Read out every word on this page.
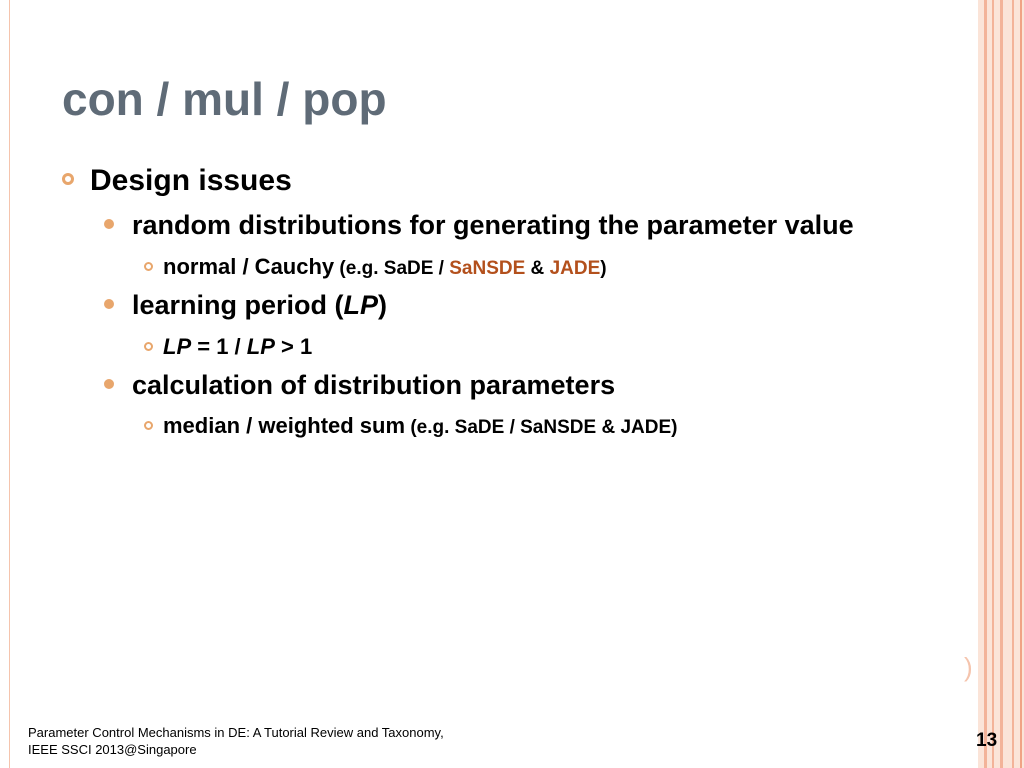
)
con / mul / pop
Design issues
random distributions for generating the parameter value
normal / Cauchy (e.g. SaDE / SaNSDE & JADE)
learning period (LP)
LP = 1 / LP > 1
calculation of distribution parameters
median / weighted sum (e.g. SaDE / SaNSDE & JADE)
Parameter Control Mechanisms in DE: A Tutorial Review and Taxonomy,
IEEE SSCI 2013@Singapore	13
